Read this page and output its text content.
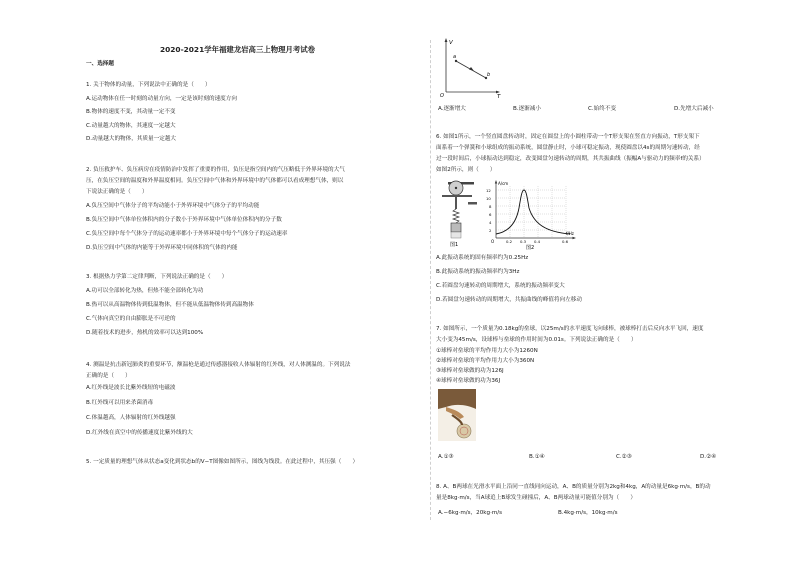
2020-2021学年福建龙岩高三上物理月考试卷
一、选择题
1. 关于物体的动量，下列说法中正确的是（　　）
A.运动物体在任一时刻的动量方向，一定是该时刻的速度方向
B.物体的速度不变，其动量一定不变
C.动量越大的物体，其速度一定越大
D.动量越大的物体，其质量一定越大
2. 负压救护车、负压病房在疫情防治中发挥了重要的作用，负压是指空间内的气压略低于外界环境的大气
压，在负压空间的温度和外界温度相同。负压空间中气体和外界环境中的气体都可以看成理想气体，则以
下说法正确的是（　　）
A.负压空间中气体分子的平均动能小于外界环境中气体分子的平均动能
B.负压空间中气体单位体积内的分子数小于外界环境中气体单位体积内的分子数
C.负压空间中每个气体分子的运动速率都小于外界环境中每个气体分子的运动速率
D.负压空间中气体的内能等于外界环境中同体积的气体的内能
3. 根据热力学第二定律判断，下列说法正确的是（　　）
A.功可以全部转化为热，但热不能全部转化为功
B.热可以从高温物体传到低温物体，但不能从低温物体传到高温物体
C.气体向真空的自由膨胀是不可逆的
D.随着技术的进步，热机的效率可以达到100%
4. 测温是抗击新冠肺炎的重要环节，额温枪是通过传感器接收人体辐射的红外线，对人体测温的。下列说法
正确的是（　　）
A.红外线是波长比紫外线短的电磁波
B.红外线可以用来杀菌消毒
C.体温越高，人体辐射的红外线越强
D.红外线在真空中的传播速度比紫外线的大
5. 一定质量的理想气体从状态a变化到状态b的V−T图像如图所示，图线为线段。在此过程中，其压强（　　）
V
T
O
a
b
A.逐渐增大	B.逐渐减小	C.始终不变	D.先增大后减小
6. 如图1所示，一个竖直圆盘转动时，固定在圆盘上的小圆柱带动一个T形支架在竖直方向振动，T形支架下
面系着一个弹簧和小球组成的振动系统，圆盘静止时，小球可稳定振动，现使圆盘以4s的周期匀速转动，经
过一段时间后，小球振动达到稳定，改变圆盘匀速转动的周期，其共振曲线（振幅A与驱动力的频率f的关系）
如图2所示，则（　　）
图1
12
10
8
6
4
2
0.2 0.3 0.4	0.6
A/cm
f/Hz
O
图2
A.此振动系统的固有频率约为0.25Hz
B.此振动系统的振动频率约为3Hz
C.若圆盘匀速转动的周期增大，系统的振动频率变大
D.若圆盘匀速转动的周期增大，共振曲线的峰值将向左移动
7. 如图所示，一个质量为0.18kg的垒球，以25m/s的水平速度飞向球棒，被球棒打击后反向水平飞回，速度
大小变为45m/s，设球棒与垒球的作用时间为0.01s。下列说法正确的是（　　）
①球棒对垒球的平均作用力大小为1260N
②球棒对垒球的平均作用力大小为360N
③球棒对垒球做的功为126J
④球棒对垒球做的功为36J
A.①③	B.①④	C.②③	D.②④
8. A、B两球在光滑水平面上沿同一直线同向运动，A、B的质量分别为2kg和4kg，A的动量是6kg·m/s，B的动
量是8kg·m/s，当A球追上B球发生碰撞后，A、B两球动量可能值分别为（　　）
A.−6kg·m/s，20kg·m/s	B.4kg·m/s，10kg·m/s
